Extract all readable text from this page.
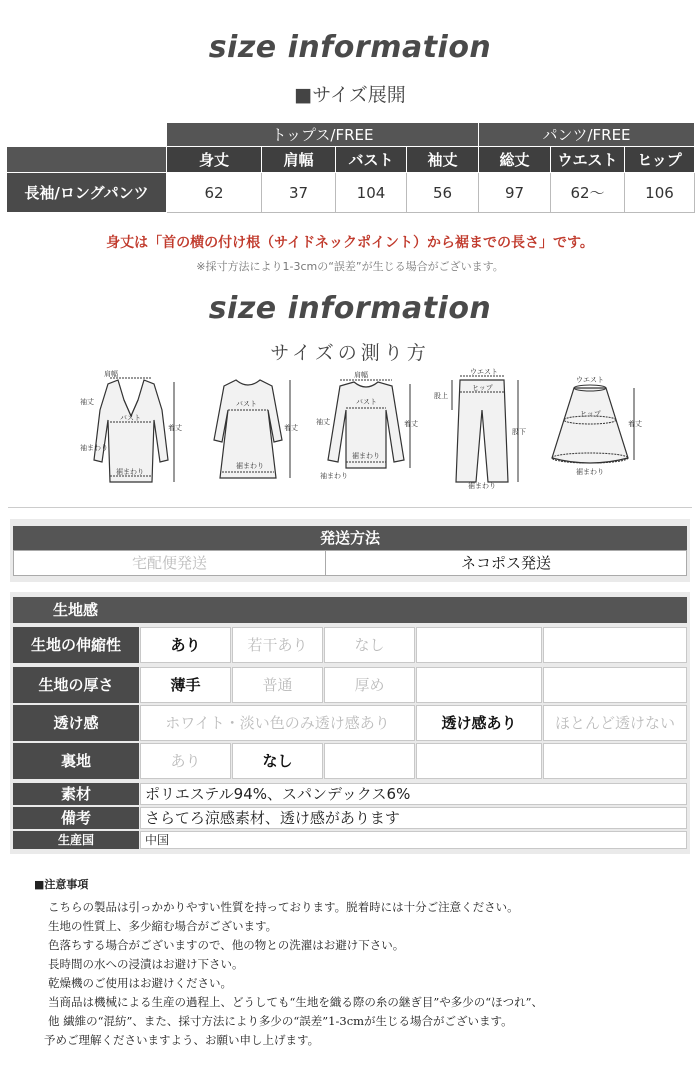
size information
■サイズ展開
	トップス/FREE				パンツ/FREE		
	身丈	肩幅	バスト	袖丈	総丈	ウエスト	ヒップ
長袖/ロングパンツ	62	37	104	56	97	62〜	106
身丈は「首の横の付け根（サイドネックポイント）から裾までの長さ」です。
※採寸方法により1-3cmの“誤差”が生じる場合がございます。
size information
サイズの測り方
肩幅
袖丈
バスト
袖まわり
裾まわり
着丈
バスト
裾まわり
着丈
肩幅
バスト
袖丈
裾まわり
袖まわり
着丈
ウエスト
ヒップ
股上
股下
裾まわり
ウエスト
ヒップ
裾まわり
着丈
発送方法
宅配便発送	ネコポス発送
生地感
生地の伸縮性	あり	若干あり	なし
生地の厚さ	薄手	普通	厚め
透け感	ホワイト・淡い色のみ透け感あり	透け感あり	ほとんど透けない
裏地	あり	なし
素材	ポリエステル94%、スパンデックス6%
備考	さらてろ涼感素材、透け感があります
生産国	中国
■注意事項
こちらの製品は引っかかりやすい性質を持っております。脱着時には十分ご注意ください。
生地の性質上、多少縮む場合がございます。
色落ちする場合がございますので、他の物との洗濯はお避け下さい。
長時間の水への浸漬はお避け下さい。
乾燥機のご使用はお避けください。
当商品は機械による生産の過程上、どうしても“生地を織る際の糸の継ぎ目”や多少の“ほつれ”、
他 繊維の“混紡”、また、採寸方法により多少の“誤差”1-3cmが生じる場合がございます。
予めご理解くださいますよう、お願い申し上げます。
